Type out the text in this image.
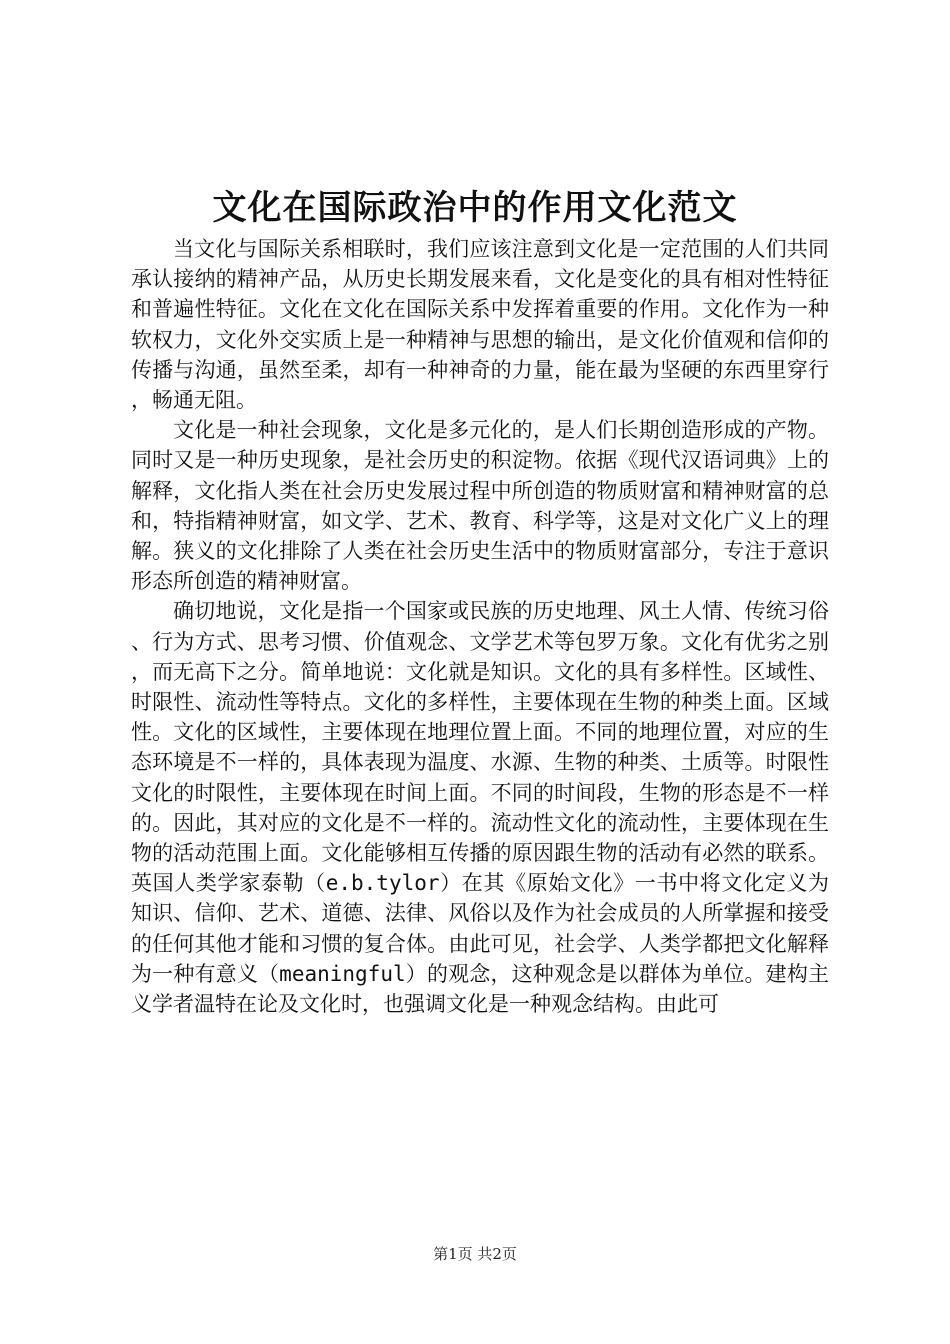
文化在国际政治中的作用文化范文

当文化与国际关系相联时，我们应该注意到文化是一定范围的人们共同承认接纳的精神产品，从历史长期发展来看，文化是变化的具有相对性特征和普遍性特征。文化在文化在国际关系中发挥着重要的作用。文化作为一种软权力，文化外交实质上是一种精神与思想的输出，是文化价值观和信仰的传播与沟通，虽然至柔，却有一种神奇的力量，能在最为坚硬的东西里穿行，畅通无阻。

文化是一种社会现象，文化是多元化的，是人们长期创造形成的产物。同时又是一种历史现象，是社会历史的积淀物。依据《现代汉语词典》上的解释，文化指人类在社会历史发展过程中所创造的物质财富和精神财富的总和，特指精神财富，如文学、艺术、教育、科学等，这是对文化广义上的理解。狭义的文化排除了人类在社会历史生活中的物质财富部分，专注于意识形态所创造的精神财富。

确切地说，文化是指一个国家或民族的历史地理、风土人情、传统习俗、行为方式、思考习惯、价值观念、文学艺术等包罗万象。文化有优劣之别，而无高下之分。简单地说：文化就是知识。文化的具有多样性。区域性、时限性、流动性等特点。文化的多样性，主要体现在生物的种类上面。区域性。文化的区域性，主要体现在地理位置上面。不同的地理位置，对应的生态环境是不一样的，具体表现为温度、水源、生物的种类、土质等。时限性文化的时限性，主要体现在时间上面。不同的时间段，生物的形态是不一样的。因此，其对应的文化是不一样的。流动性文化的流动性，主要体现在生物的活动范围上面。文化能够相互传播的原因跟生物的活动有必然的联系。英国人类学家泰勒（e.b.tylor）在其《原始文化》一书中将文化定义为知识、信仰、艺术、道德、法律、风俗以及作为社会成员的人所掌握和接受的任何其他才能和习惯的复合体。由此可见，社会学、人类学都把文化解释为一种有意义（meaningful）的观念，这种观念是以群体为单位。建构主义学者温特在论及文化时，也强调文化是一种观念结构。由此可

第1页 共2页
